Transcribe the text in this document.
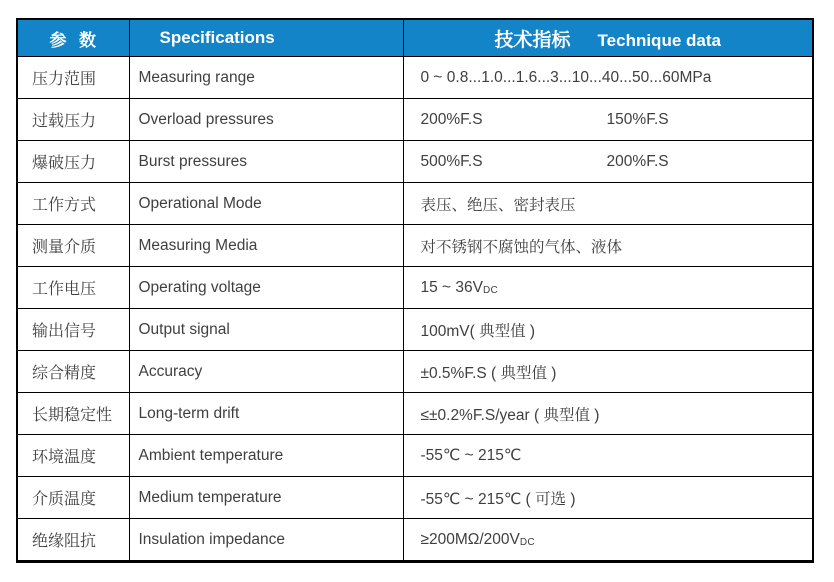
参  数	Specifications	技术指标 Technique data

压力范围	Measuring range	0 ~ 0.8...1.0...1.6...3...10...40...50...60MPa
过载压力	Overload pressures	200%F.S 150%F.S
爆破压力	Burst pressures	500%F.S 200%F.S
工作方式	Operational Mode	表压、绝压、密封表压
测量介质	Measuring Media	对不锈钢不腐蚀的气体、液体
工作电压	Operating voltage	15 ~ 36VDC
输出信号	Output signal	100mV( 典型值 )
综合精度	Accuracy	±0.5%F.S ( 典型值 )
长期稳定性	Long-term drift	≤±0.2%F.S/year ( 典型值 )
环境温度	Ambient temperature	-55℃ ~ 215℃
介质温度	Medium temperature	-55℃ ~ 215℃ ( 可选 )
绝缘阻抗	Insulation impedance	≥200MΩ/200VDC
